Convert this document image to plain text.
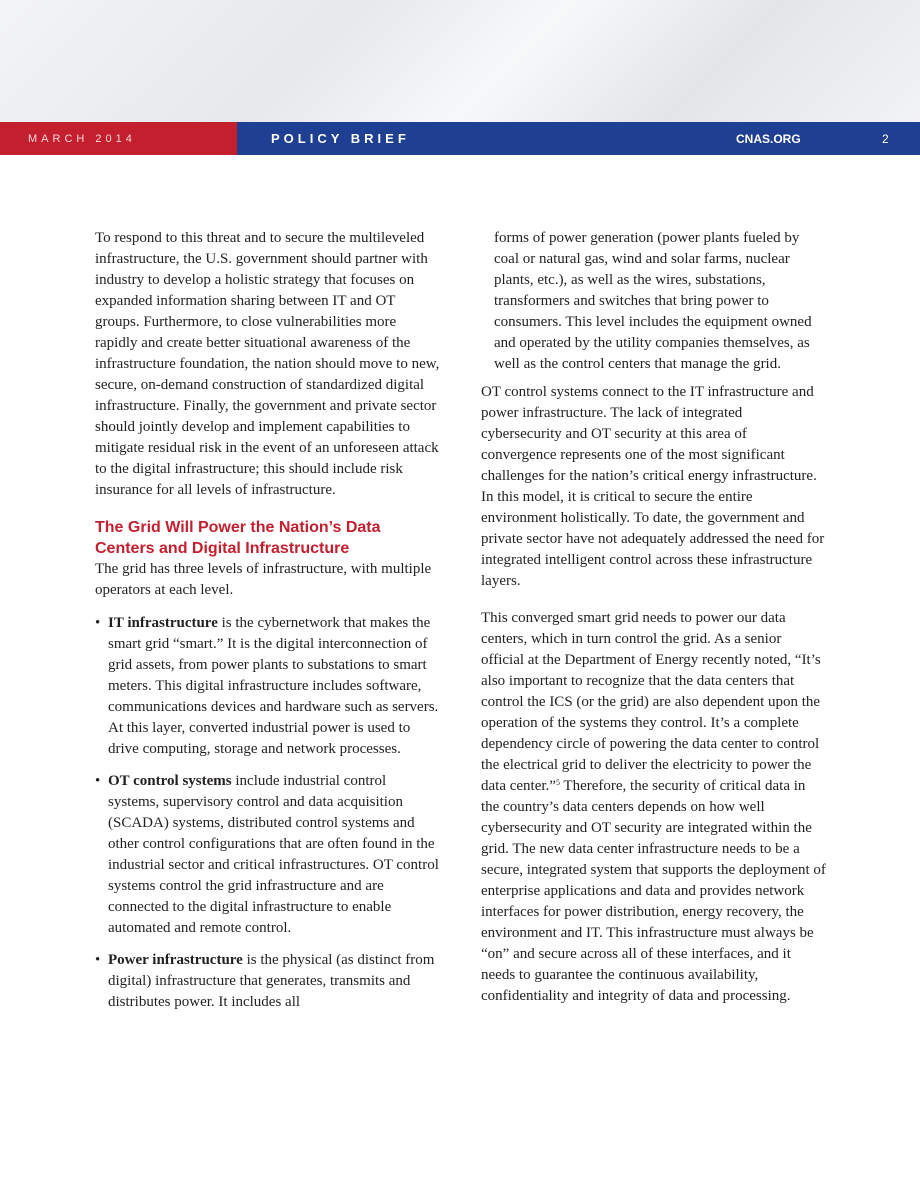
MARCH 2014	POLICY BRIEF	CNAS.ORG	2

To respond to this threat and to secure the multileveled infrastructure, the U.S. government should partner with industry to develop a holistic strategy that focuses on expanded information sharing between IT and OT groups. Furthermore, to close vulnerabilities more rapidly and create better situational awareness of the infrastructure foundation, the nation should move to new, secure, on-demand construction of standardized digital infrastructure. Finally, the government and private sector should jointly develop and implement capabilities to mitigate residual risk in the event of an unforeseen attack to the digital infrastructure; this should include risk insurance for all levels of infrastructure.

The Grid Will Power the Nation’s Data Centers and Digital Infrastructure

The grid has three levels of infrastructure, with multiple operators at each level.

• IT infrastructure is the cybernetwork that makes the smart grid “smart.” It is the digital interconnection of grid assets, from power plants to substations to smart meters. This digital infrastructure includes software, communications devices and hardware such as servers. At this layer, converted industrial power is used to drive computing, storage and network processes.
• OT control systems include industrial control systems, supervisory control and data acquisition (SCADA) systems, distributed control systems and other control configurations that are often found in the industrial sector and critical infrastructures. OT control systems control the grid infrastructure and are connected to the digital infrastructure to enable automated and remote control.
• Power infrastructure is the physical (as distinct from digital) infrastructure that generates, transmits and distributes power. It includes all

forms of power generation (power plants fueled by coal or natural gas, wind and solar farms, nuclear plants, etc.), as well as the wires, substations, transformers and switches that bring power to consumers. This level includes the equipment owned and operated by the utility companies themselves, as well as the control centers that manage the grid.

OT control systems connect to the IT infrastructure and power infrastructure. The lack of integrated cybersecurity and OT security at this area of convergence represents one of the most significant challenges for the nation’s critical energy infrastructure. In this model, it is critical to secure the entire environment holistically. To date, the government and private sector have not adequately addressed the need for integrated intelligent control across these infrastructure layers.

This converged smart grid needs to power our data centers, which in turn control the grid. As a senior official at the Department of Energy recently noted, “It’s also important to recognize that the data centers that control the ICS (or the grid) are also dependent upon the operation of the systems they control. It’s a complete dependency circle of powering the data center to control the electrical grid to deliver the electricity to power the data center.”$^5$ Therefore, the security of critical data in the country’s data centers depends on how well cybersecurity and OT security are integrated within the grid. The new data center infrastructure needs to be a secure, integrated system that supports the deployment of enterprise applications and data and provides network interfaces for power distribution, energy recovery, the environment and IT. This infrastructure must always be “on” and secure across all of these interfaces, and it needs to guarantee the continuous availability, confidentiality and integrity of data and processing.
